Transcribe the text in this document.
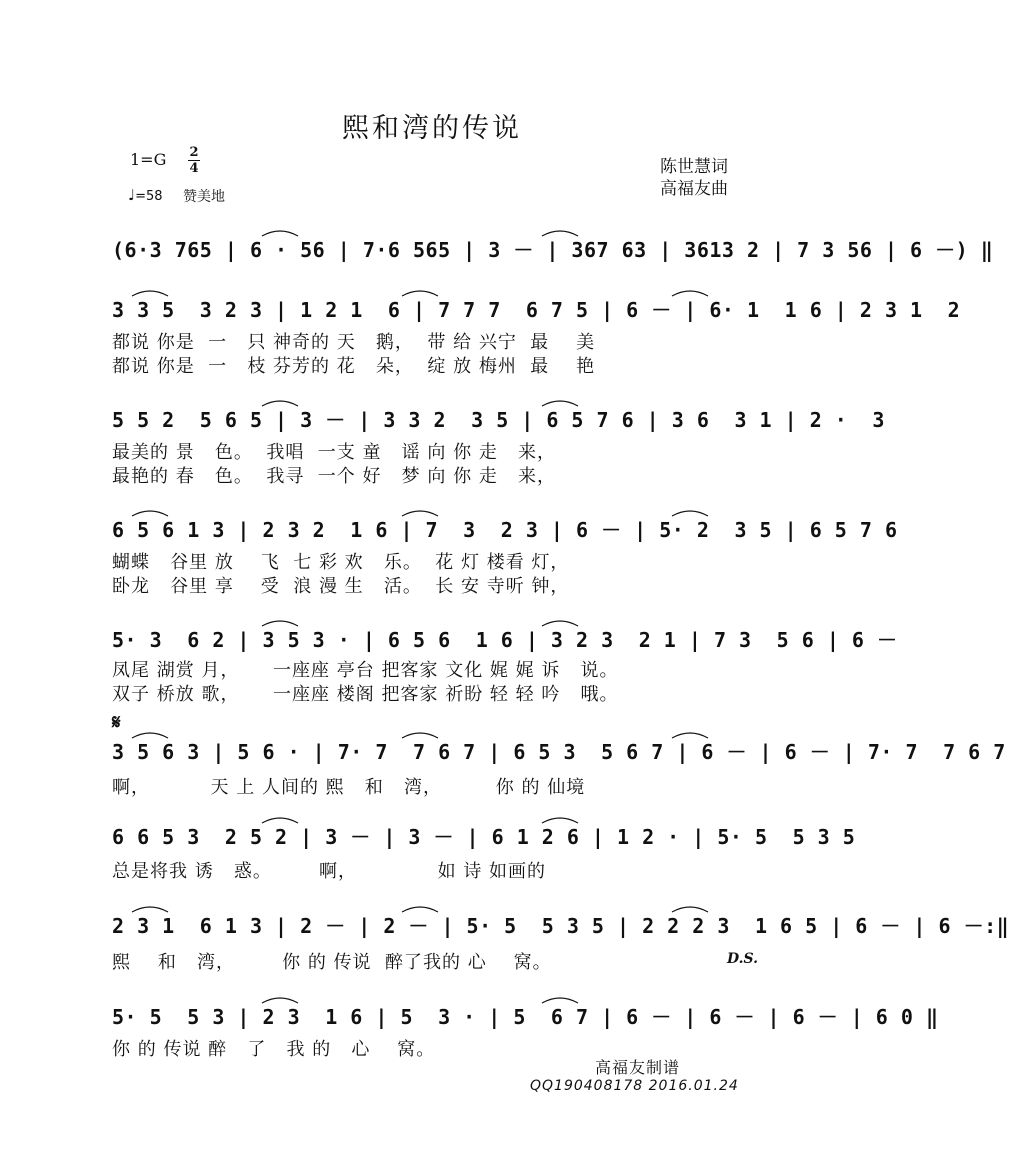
熙和湾的传说
1=G 2
4
♩=58 赞美地
陈世慧词
高福友曲
(6·3 765 | 6 · 56 | 7·6 565 | 3 － | 367 63 | 3613 2 | 7 3 56 | 6 －) ‖
3 3 5  3 2 3 | 1 2 1  6 | 7 7 7  6 7 5 | 6 － | 6· 1  1 6 | 2 3 1  2
都说 你是  一   只 神奇的 天   鹅，  带 给 兴宁  最    美
都说 你是  一   枝 芬芳的 花   朵，  绽 放 梅州  最    艳
5 5 2  5 6 5 | 3 － | 3 3 2  3 5 | 6 5 7 6 | 3 6  3 1 | 2 ·  3
最美的 景   色。  我唱  一支 童   谣 向 你 走   来，
最艳的 春   色。  我寻  一个 好   梦 向 你 走   来，
6 5 6 1 3 | 2 3 2  1 6 | 7  3  2 3 | 6 － | 5· 2  3 5 | 6 5 7 6
蝴蝶   谷里 放    飞  七 彩 欢   乐。  花 灯 楼看 灯，
卧龙   谷里 享    受  浪 漫 生   活。  长 安 寺听 钟，
5· 3  6 2 | 3 5 3 · | 6 5 6  1 6 | 3 2 3  2 1 | 7 3  5 6 | 6 －
凤尾 湖赏 月，     一座座 亭台 把客家 文化 娓 娓 诉   说。
双子 桥放 歌，     一座座 楼阁 把客家 祈盼 轻 轻 吟   哦。
3 5 6 3 | 5 6 · | 7· 7  7 6 7 | 6 5 3  5 6 7 | 6 － | 6 － | 7· 7  7 6 7
啊，         天 上 人间的 熙   和   湾，        你 的 仙境
6 6 5 3  2 5 2 | 3 － | 3 － | 6 1 2 6 | 1 2 · | 5· 5  5 3 5
总是将我 诱   惑。       啊，            如 诗 如画的
2 3 1  6 1 3 | 2 － | 2 － | 5· 5  5 3 5 | 2 2 2 3  1 6 5 | 6 － | 6 －:‖
熙    和   湾，       你 的 传说  醉了我的 心    窝。
5· 5  5 3 | 2 3  1 6 | 5  3 · | 5  6 7 | 6 － | 6 － | 6 － | 6 0 ‖
你 的 传说 醉   了   我 的   心    窝。
𝄋
D.S.
高福友制谱
QQ190408178 2016.01.24
